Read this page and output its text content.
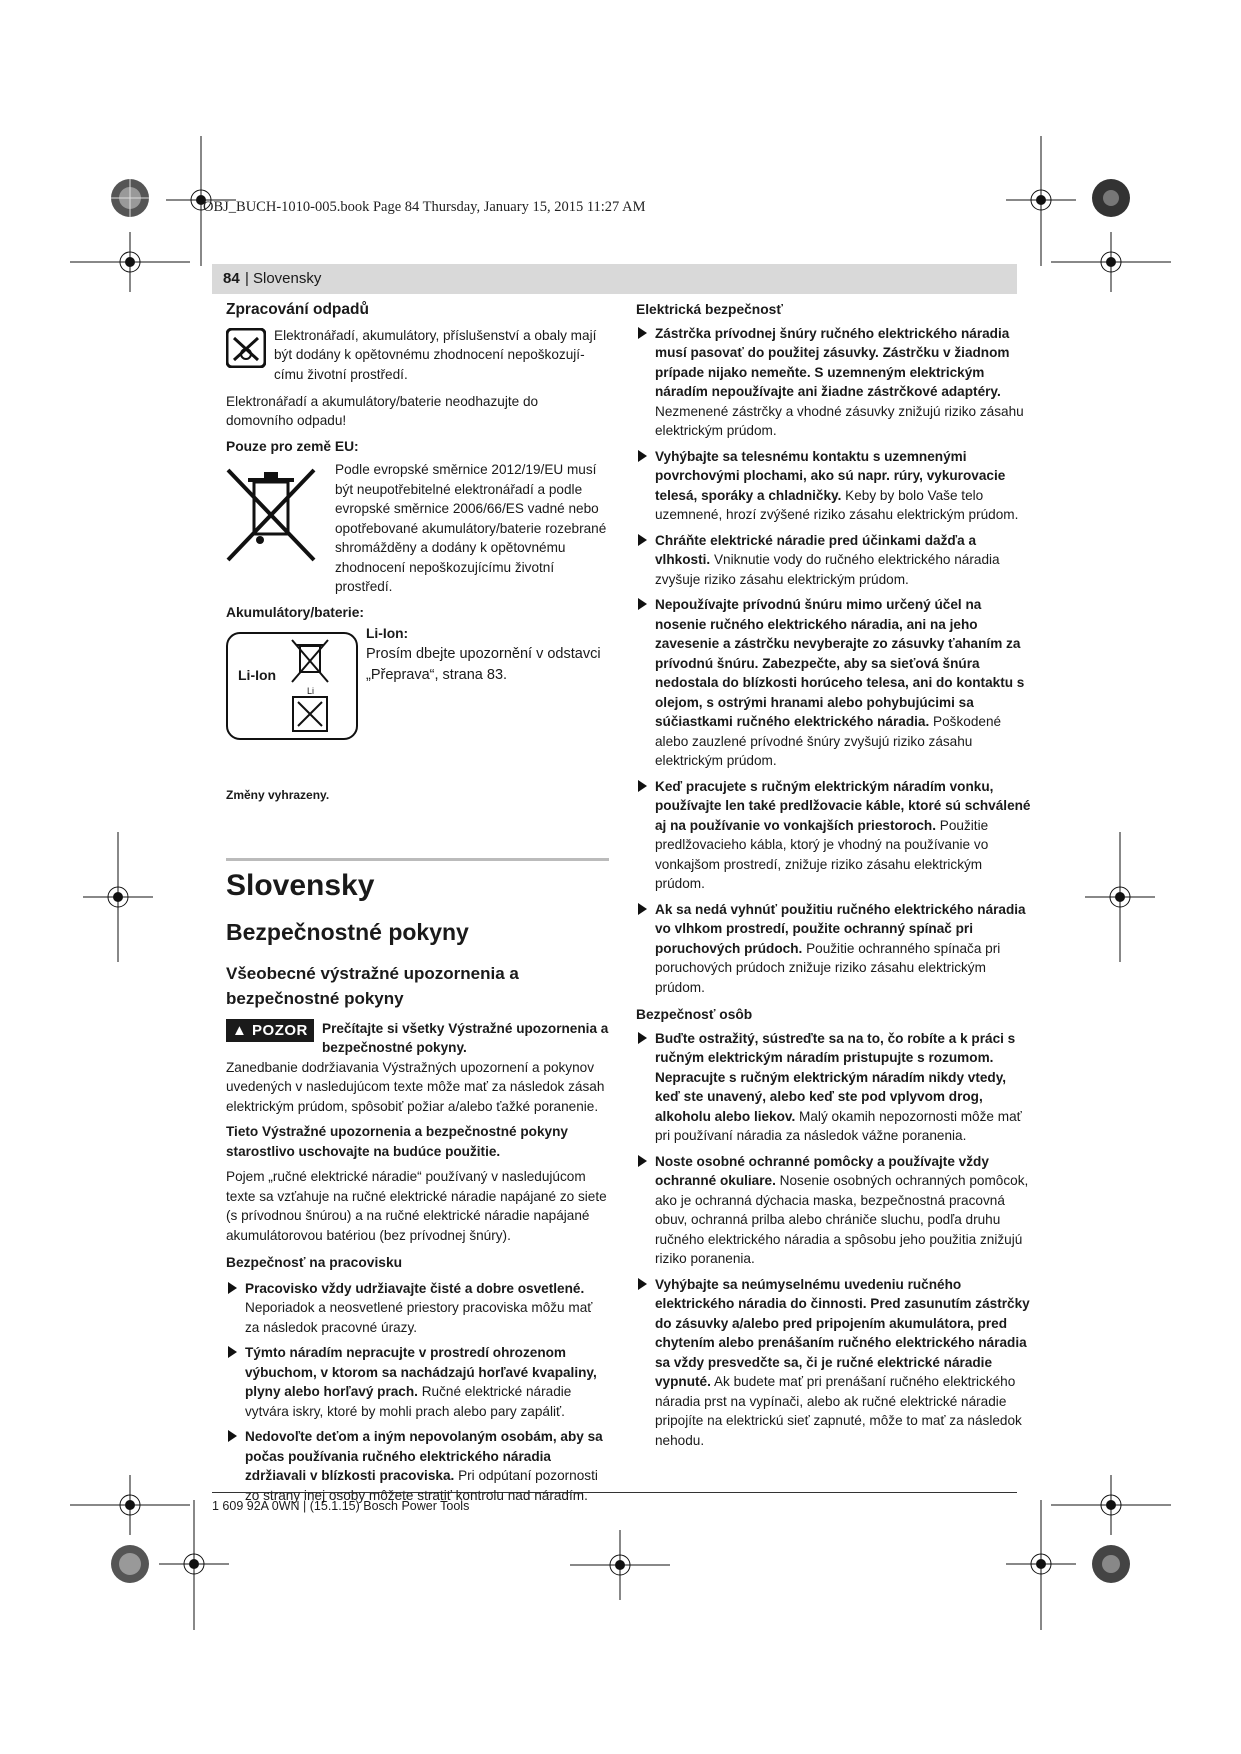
OBJ_BUCH-1010-005.book Page 84 Thursday, January 15, 2015 11:27 AM
84 | Slovensky
Zpracování odpadů

Elektronářadí, akumulátory, příslušenství a obaly mají být dodány k opětovnému zhodnocení nepoškozují-címu životní prostředí.

Elektronářadí a akumulátory/baterie neodhazujte do domovního odpadu!

Pouze pro země EU:

Podle evropské směrnice 2012/19/EU musí být neupotřebitelné elektronářadí a podle evropské směrnice 2006/66/ES vadné nebo opotřebované akumulátory/baterie rozebrané shromážděny a dodány k opětovnému zhodnocení nepoškozujícímu životní prostředí.

Akumulátory/baterie:

Li-Ion
Li

Li-Ion:

Prosím dbejte upozornění v odstavci „Přeprava“, strana 83.

Změny vyhrazeny.

Slovensky

Bezpečnostné pokyny

Všeobecné výstražné upozornenia a bezpečnostné pokyny

▲ POZOR	Prečítajte si všetky Výstražné upozornenia a bezpečnostné pokyny.

Zanedbanie dodržiavania Výstražných upozornení a pokynov uvedených v nasledujúcom texte môže mať za následok zásah elektrickým prúdom, spôsobiť požiar a/alebo ťažké poranenie.

Tieto Výstražné upozornenia a bezpečnostné pokyny starostlivo uschovajte na budúce použitie.

Pojem „ručné elektrické náradie“ používaný v nasledujúcom texte sa vzťahuje na ručné elektrické náradie napájané zo siete (s prívodnou šnúrou) a na ručné elektrické náradie napájané akumulátorovou batériou (bez prívodnej šnúry).

Bezpečnosť na pracovisku

Pracovisko vždy udržiavajte čisté a dobre osvetlené. Neporiadok a neosvetlené priestory pracoviska môžu mať za následok pracovné úrazy.
Týmto náradím nepracujte v prostredí ohrozenom výbuchom, v ktorom sa nachádzajú horľavé kvapaliny, plyny alebo horľavý prach. Ručné elektrické náradie vytvára iskry, ktoré by mohli prach alebo pary zapáliť.
Nedovoľte deťom a iným nepovolaným osobám, aby sa počas používania ručného elektrického náradia zdržiavali v blízkosti pracoviska. Pri odpútaní pozornosti zo strany inej osoby môžete stratiť kontrolu nad náradím.

Elektrická bezpečnosť

Zástrčka prívodnej šnúry ručného elektrického náradia musí pasovať do použitej zásuvky. Zástrčku v žiadnom prípade nijako nemeňte. S uzemneným elektrickým náradím nepoužívajte ani žiadne zástrčkové adaptéry. Nezmenené zástrčky a vhodné zásuvky znižujú riziko zásahu elektrickým prúdom.
Vyhýbajte sa telesnému kontaktu s uzemnenými povrchovými plochami, ako sú napr. rúry, vykurovacie telesá, sporáky a chladničky. Keby by bolo Vaše telo uzemnené, hrozí zvýšené riziko zásahu elektrickým prúdom.
Chráňte elektrické náradie pred účinkami dažďa a vlhkosti. Vniknutie vody do ručného elektrického náradia zvyšuje riziko zásahu elektrickým prúdom.
Nepoužívajte prívodnú šnúru mimo určený účel na nosenie ručného elektrického náradia, ani na jeho zavesenie a zástrčku nevyberajte zo zásuvky ťahaním za prívodnú šnúru. Zabezpečte, aby sa sieťová šnúra nedostala do blízkosti horúceho telesa, ani do kontaktu s olejom, s ostrými hranami alebo pohybujúcimi sa súčiastkami ručného elektrického náradia. Poškodené alebo zauzlené prívodné šnúry zvyšujú riziko zásahu elektrickým prúdom.
Keď pracujete s ručným elektrickým náradím vonku, používajte len také predlžovacie káble, ktoré sú schválené aj na používanie vo vonkajších priestoroch. Použitie predlžovacieho kábla, ktorý je vhodný na používanie vo vonkajšom prostredí, znižuje riziko zásahu elektrickým prúdom.
Ak sa nedá vyhnúť použitiu ručného elektrického náradia vo vlhkom prostredí, použite ochranný spínač pri poruchových prúdoch. Použitie ochranného spínača pri poruchových prúdoch znižuje riziko zásahu elektrickým prúdom.

Bezpečnosť osôb

Buďte ostražitý, sústreďte sa na to, čo robíte a k práci s ručným elektrickým náradím pristupujte s rozumom. Nepracujte s ručným elektrickým náradím nikdy vtedy, keď ste unavený, alebo keď ste pod vplyvom drog, alkoholu alebo liekov. Malý okamih nepozornosti môže mať pri používaní náradia za následok vážne poranenia.
Noste osobné ochranné pomôcky a používajte vždy ochranné okuliare. Nosenie osobných ochranných pomôcok, ako je ochranná dýchacia maska, bezpečnostná pracovná obuv, ochranná prilba alebo chrániče sluchu, podľa druhu ručného elektrického náradia a spôsobu jeho použitia znižujú riziko poranenia.
Vyhýbajte sa neúmyselnému uvedeniu ručného elektrického náradia do činnosti. Pred zasunutím zástrčky do zásuvky a/alebo pred pripojením akumulátora, pred chytením alebo prenášaním ručného elektrického náradia sa vždy presvedčte sa, či je ručné elektrické náradie vypnuté. Ak budete mať pri prenášaní ručného elektrického náradia prst na vypínači, alebo ak ručné elektrické náradie pripojíte na elektrickú sieť zapnuté, môže to mať za následok nehodu.
1 609 92A 0WN | (15.1.15) Bosch Power Tools
